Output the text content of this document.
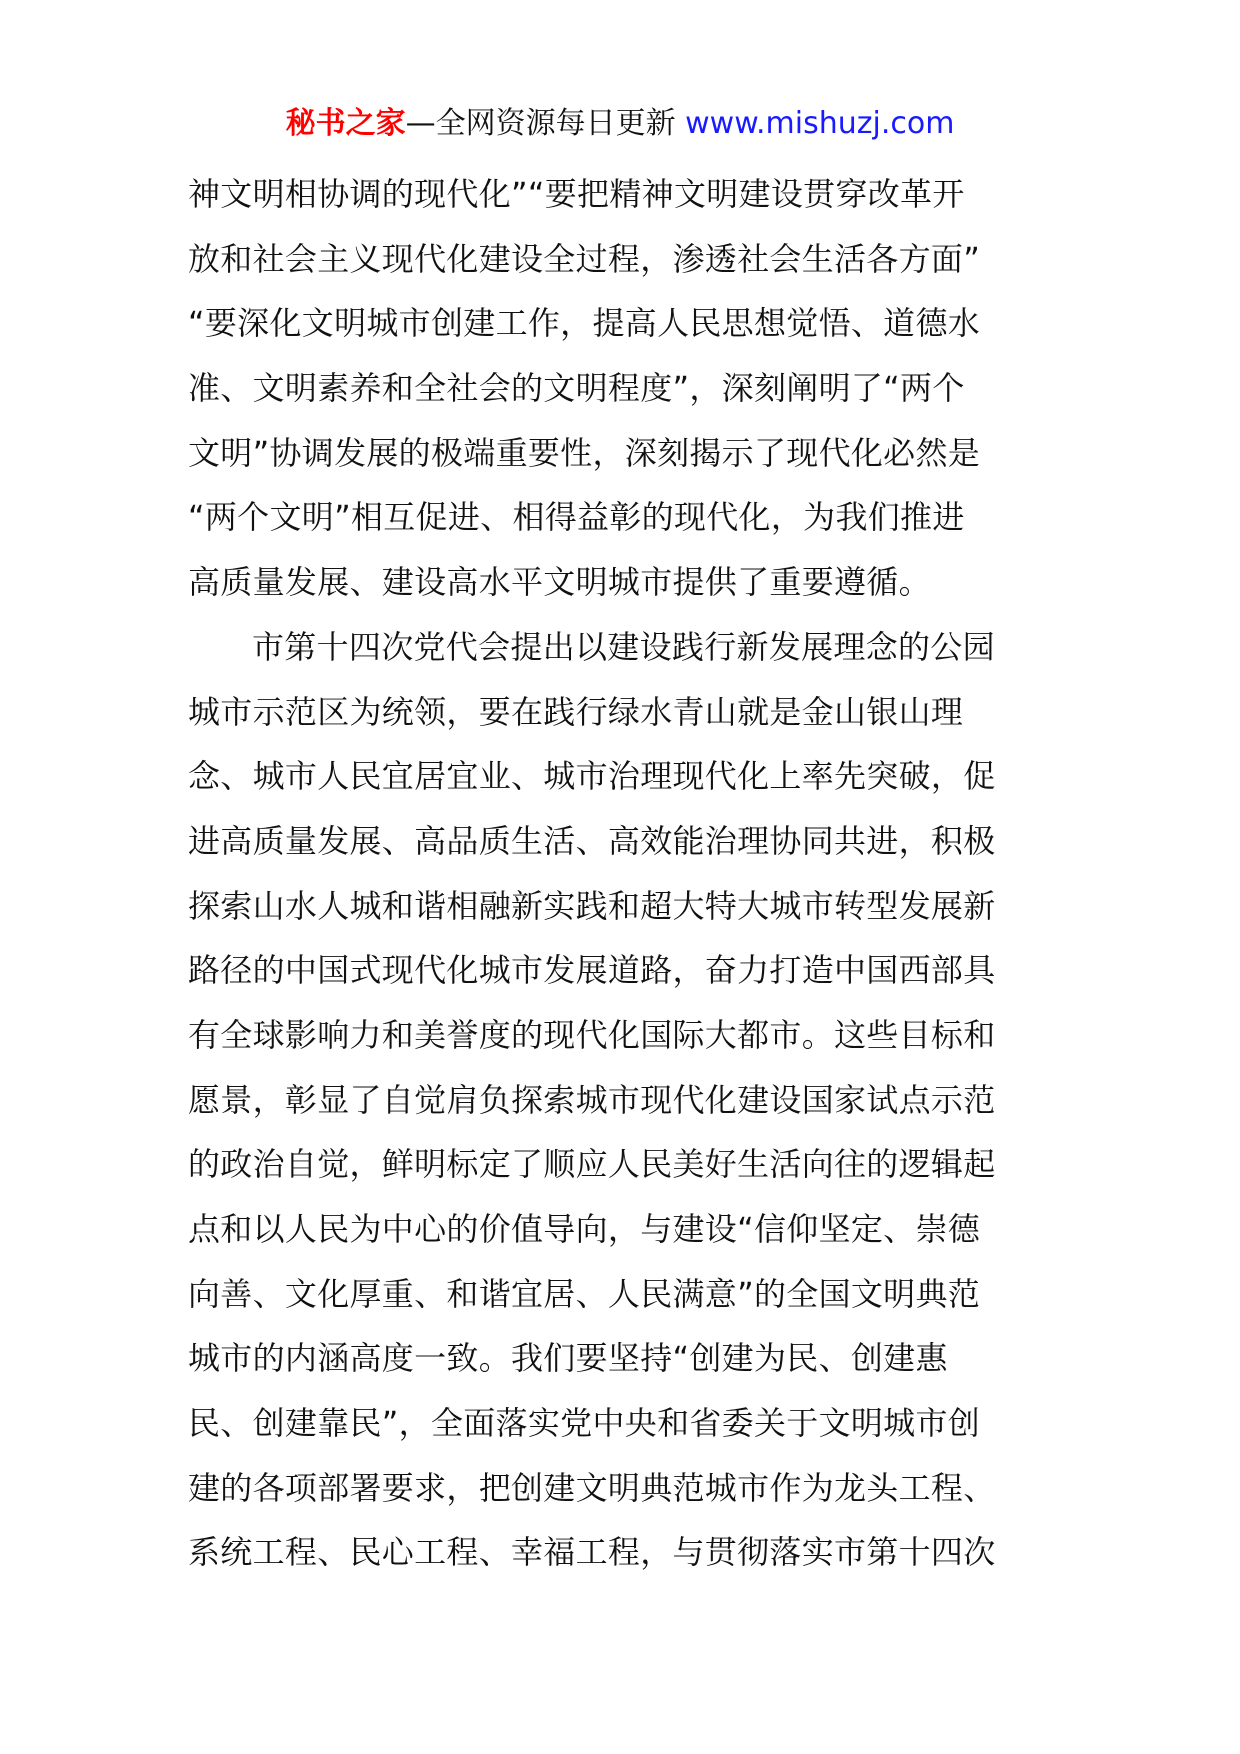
秘书之家—全网资源每日更新 www.mishuzj.com
神文明相协调的现代化”“要把精神文明建设贯穿改革开
放和社会主义现代化建设全过程，渗透社会生活各方面”
“要深化文明城市创建工作，提高人民思想觉悟、道德水
准、文明素养和全社会的文明程度”，深刻阐明了“两个
文明”协调发展的极端重要性，深刻揭示了现代化必然是
“两个文明”相互促进、相得益彰的现代化，为我们推进
高质量发展、建设高水平文明城市提供了重要遵循。
市第十四次党代会提出以建设践行新发展理念的公园
城市示范区为统领，要在践行绿水青山就是金山银山理
念、城市人民宜居宜业、城市治理现代化上率先突破，促
进高质量发展、高品质生活、高效能治理协同共进，积极
探索山水人城和谐相融新实践和超大特大城市转型发展新
路径的中国式现代化城市发展道路，奋力打造中国西部具
有全球影响力和美誉度的现代化国际大都市。这些目标和
愿景，彰显了自觉肩负探索城市现代化建设国家试点示范
的政治自觉，鲜明标定了顺应人民美好生活向往的逻辑起
点和以人民为中心的价值导向，与建设“信仰坚定、崇德
向善、文化厚重、和谐宜居、人民满意”的全国文明典范
城市的内涵高度一致。我们要坚持“创建为民、创建惠
民、创建靠民”，全面落实党中央和省委关于文明城市创
建的各项部署要求，把创建文明典范城市作为龙头工程、
系统工程、民心工程、幸福工程，与贯彻落实市第十四次
